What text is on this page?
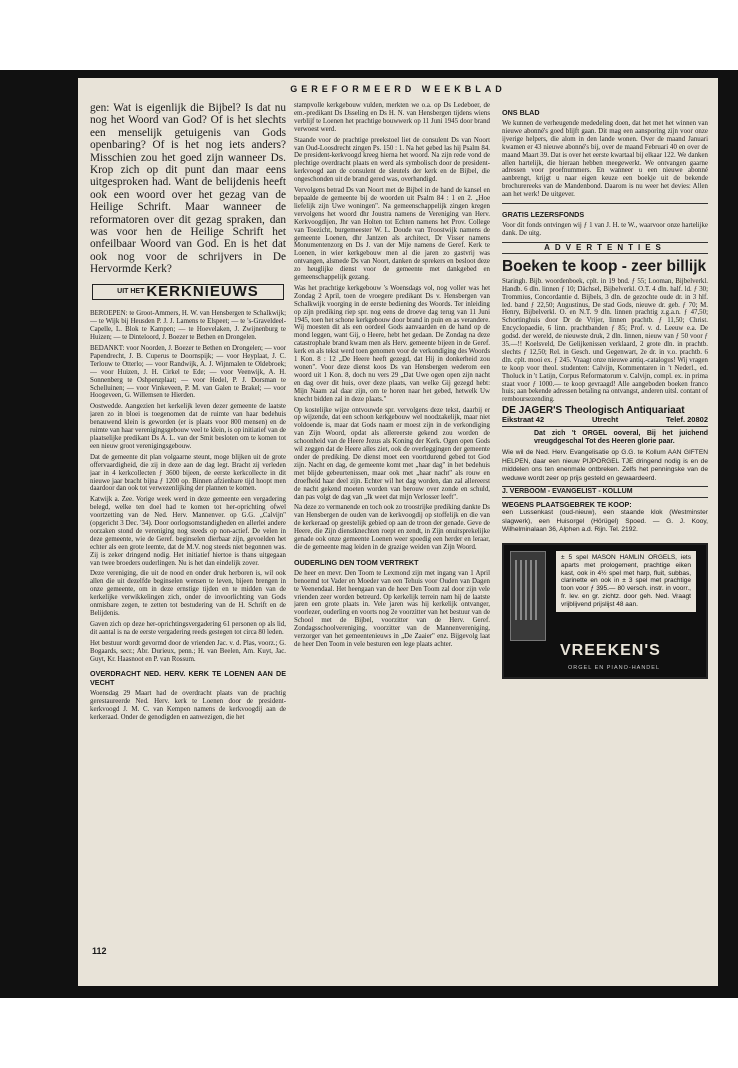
GEREFORMEERD WEEKBLAD

gen: Wat is eigenlijk die Bijbel? Is dat nu nog het Woord van God? Of is het slechts een menselijk getuigenis van Gods openbaring? Of is het nog iets anders? Misschien zou het goed zijn wanneer Ds. Krop zich op dit punt dan maar eens uitgesproken had. Want de belijdenis heeft ook een woord over het gezag van de Heilige Schrift. Maar wanneer de reformatoren over dit gezag spraken, dan was voor hen de Heilige Schrift het onfeilbaar Woord van God. En is het dat ook nog voor de schrijvers in De Hervormde Kerk?

UIT HET KERKNIEUWS

BEROEPEN: te Groot-Ammers, H. W. van Hensbergen te Schalkwijk; — te Wijk bij Heusden P. J. J. Lamens te Elspeet; — te 's-Graveldeel-Capelle, L. Blok te Kampen; — te Hoevelaken, J. Zwijnenburg te Huizen; — te Dinteloord, J. Boezer te Bethen en Drongelen.

BEDANKT: voor Noorden, J. Boezer te Bethen en Drongelen; — voor Papendrecht, J. B. Cuperus te Doornspijk; — voor Heyplaat, J. C. Terlouw te Otterlo; — voor Randwijk, A. J. Wijnmalen te Oldebroek; — voor Huizen, J. H. Cirkel te Ede; — voor Veenwijk, A. H. Sonnenberg te Oshpenzplaat; — voor Hedel, P. J. Dorsman te Schelluinen; — voor Vinkeveen, P. M. van Galen te Brakel; — voor Hoogeveen, G. Willemsen te Hierden.

Oostwedde. Aangezien het kerkelijk leven dezer gemeente de laatste jaren zo in bloei is toegenomen dat de ruimte van haar bedehuis benauwend klein is geworden (er is plaats voor 800 mensen) en de ruimte van haar verenigingsgebouw veel te klein, is op initiatief van de plaatselijke predikant Ds A. L. van der Smit besloten om te komen tot een nieuw groot verenigingsgebouw.

Dat de gemeente dit plan volgaarne steunt, moge blijken uit de grote offervaardigheid, die zij in deze aan de dag legt. Bracht zij verleden jaar in 4 kerkcollecten ƒ 3600 bijeen, de eerste kerkcollecte in dit nieuwe jaar bracht bijna ƒ 1200 op. Binnen afzienbare tijd hoopt men daardoor dan ook tot verwezenlijking der plannen te komen.

Katwijk a. Zee. Vorige week werd in deze gemeente een vergadering belegd, welke ten doel had te komen tot her-oprichting ofwel voortzetting van de Ned. Herv. Mannenver. op G.G. „Calvijn" (opgericht 3 Dec. '34). Door oorlogsomstandigheden en allerlei andere oorzaken stond de vereniging nog steeds op non-actief. De velen in deze gemeente, wie de Geref. beginselen dierbaar zijn, gevoelden het echter als een grote leemte, dat de M.V. nog steeds niet begonnen was. Zij is zeker dringend nodig. Het initiatief hiertoe is thans uitgegaan van twee broeders ouderlingen. Nu is het dan eindelijk zover.

Deze vereniging, die uit de nood en onder druk herboren is, wil ook allen die uit dezelfde beginselen wensen te leven, bijeen brengen in onze gemeente, om in deze ernstige tijden en te midden van de kerkelijke verwikkelingen zich, onder de invoorlichting van Gods onmisbare zegen, te zetten tot bestudering van de H. Schrift en de Belijdenis.

Gaven zich op deze her-oprichtingsvergadering 61 personen op als lid, dit aantal is na de eerste vergadering reeds gestegen tot circa 80 leden.

Het bestuur wordt gevormd door de vrienden Jac. v. d. Plas, voorz.; G. Bogaards, secr.; Abr. Durieux, penn.; H. van Beelen, Am. Kuyt, Jac. Guyt, Kr. Haasnoot en P. van Rossum.

OVERDRACHT NED. HERV. KERK TE LOENEN AAN DE VECHT

Woensdag 29 Maart had de overdracht plaats van de prachtig gerestaureerde Ned. Herv. kerk te Loenen door de president-kerkvoogd J. M. C. van Kempen namens de kerkvoogdij aan de kerkeraad. Onder de genodigden en aanwezigen, die het

112

stampvolle kerkgebouw vulden, merkten we o.a. op Ds Ledeboer, de em.-predikant Ds IJsseling en Ds H. N. van Hensbergen tijdens wiens verblijf te Loenen het prachtige bouwwerk op 11 Juni 1945 door brand verwoest werd.

Staande voor de prachtige preekstoel liet de consulent Ds van Noort van Oud-Loosdrecht zingen Ps. 150 : 1. Na het gebed las hij Psalm 84. De president-kerkvoogd kreeg hierna het woord. Na zijn rede vond de plechtige overdracht plaats en werd als symbolisch door de president-kerkvoogd aan de consulent de sleutels der kerk en de Bijbel, die ongeschonden uit de brand gered was, overhandigd.

Vervolgens betrad Ds van Noort met de Bijbel in de hand de kansel en bepaalde de gemeente bij de woorden uit Psalm 84 : 1 en 2. „Hoe liefelijk zijn Uwe woningen". Na gemeenschappelijk zingen kregen vervolgens het woord dhr Joustra namens de Vereniging van Herv. Kerkvoogdijen, Jhr van Holten tot Echten namens het Prov. College van Toezicht, burgemeester W. L. Doude van Troostwijk namens de gemeente Loenen, dhr Jantzen als architect, Dr Visser namens Monumentenzorg en Ds J. van der Mije namens de Geref. Kerk te Loenen, in wier kerkgebouw men al die jaren zo gastvrij was ontvangen, alsmede Ds van Noort, danken de sprekers en besloot deze zo heuglijke dienst voor de gemeente met dankgebed en gemeenschappelijk gezang.

Was het prachtige kerkgebouw 's Woensdags vol, nog voller was het Zondag 2 April, toen de vroegere predikant Ds v. Hensbergen van Schalkwijk voorging in de eerste bediening des Woords. Ter inleiding op zijn prediking riep spr. nog eens de droeve dag terug van 11 Juni 1945, toen het schone kerkgebouw door brand in puin en as verandere. Wij moesten dit als een oordeel Gods aanvaarden en de hand op de mond leggen, want Gij, o Heere, hebt het gedaan. De Zondag na deze catastrophale brand kwam men als Herv. gemeente bijeen in de Geref. kerk en als tekst werd toen genomen voor de verkondiging des Woords 1 Kon. 8 : 12 „De Heere heeft gezegd, dat Hij in donkerheid zou wonen". Voor deze dienst koos Ds van Hensbergen wederom een woord uit 1 Kon. 8, doch nu vers 29 „Dat Uwe ogen open zijn nacht en dag over dit huis, over deze plaats, van welke Gij gezegd hebt: Mijn Naam zal daar zijn, om te horen naar het gebed, hetwelk Uw knecht bidden zal in deze plaats."

Op kostelijke wijze ontvouwde spr. vervolgens deze tekst, daarbij er op wijzende, dat een schoon kerkgebouw wel noodzakelijk, maar niet voldoende is, maar dat Gods naam er moest zijn in de verkondiging van Zijn Woord, opdat als allereerste gekend zou worden de schoonheid van de Heere Jezus als Koning der Kerk. Ogen open Gods wil zeggen dat de Heere alles ziet, ook de overleggingen der gemeente onder de prediking. De dienst moet een voortdurend gebed tot God zijn. Nacht en dag, de gemeente komt met „haar dag" in het bedehuis met blijde gebeurtenissen, maar ook met „haar nacht" als rouw en droefheid haar deel zijn. Echter wil het dag worden, dan zal allereerst de nacht gekend moeten worden van berouw over zonde en schuld, dan pas volgt de dag van „Ik weet dat mijn Verlosser leeft".

Na deze zo vermanende en toch ook zo troostrijke prediking dankte Ds van Hensbergen de ouden van de kerkvoogdij op stoffelijk en die van de kerkeraad op geestelijk gebied op aan de troon der genade. Geve de Heere, die Zijn dienstknechten roept en zendt, in Zijn onuitsprekelijke genade ook onze gemeente Loenen weer spoedig een herder en leraar, die de gemeente mag leiden in de grazige weiden van Zijn Woord.

OUDERLING DEN TOOM VERTREKT

De heer en mevr. Den Toom te Lexmond zijn met ingang van 1 April benoemd tot Vader en Moeder van een Tehuis voor Ouden van Dagen te Veenendaal. Het heengaan van de heer Den Toom zal door zijn vele vrienden zeer worden betreurd. Op kerkelijk terrein nam hij de laatste jaren een grote plaats in. Vele jaren was hij kerkelijk ontvanger, voorlezer, ouderling en voorts nog 2e voorzitter van het bestuur van de School met de Bijbel, voorzitter van de Herv. Geref. Zondagsschoolvereniging, voorzitter van de Mannenvereniging, verzorger van het gemeentenieuws in „De Zaaier" enz. Bijgevolg laat de heer Den Toom in vele besturen een lege plaats achter.

ONS BLAD

We kunnen de verheugende mededeling doen, dat het met het winnen van nieuwe abonné's goed blijft gaan. Dit mag een aansporing zijn voor onze ijverige helpers, die alom in den lande wonen. Over de maand Januari kwamen er 43 nieuwe abonné's bij, over de maand Februari 40 en over de maand Maart 39. Dat is over het eerste kwartaal bij elkaar 122. We danken allen hartelijk, die hieraan hebben meegewerkt. We ontvangen gaarne adressen voor proefnummers. En wanneer u een nieuwe abonné aanbrengt, krijgt u naar eigen keuze een boekje uit de bekende brochurereeks van de Mandenbond. Daarom is nu weer het devies: Allen aan het werk! De uitgever.

GRATIS LEZERSFONDS

Voor dit fonds ontvingen wij ƒ 1 van J. H. te W., waarvoor onze hartelijke dank. De uitg.

ADVERTENTIES
Boeken te koop - zeer billijk

Staringh. Bijb. woordenboek, cplt. in 19 bnd. ƒ 55; Looman, Bijbelverkl. Handb. 6 dln. linnen ƒ 10; Dächsel, Bijbelverkl. O.T. 4 dln. half. ld. ƒ 30; Trommius, Concordantie d. Bijbels, 3 dln. de gezochte oude dr. in 3 hlf. led. band ƒ 22,50; Augustinus, De stad Gods, nieuwe dr. geb. ƒ 70; M. Henry, Bijbelverkl. O. en N.T. 9 dln. linnen prachtig z.g.a.n. ƒ 47,50; Schortinghuis door Dr de Vrijer, linnen prachtb. ƒ 11,50; Christ. Encyclopaedie, 6 linn. prachtbanden ƒ 85; Prof. v. d. Leeuw e.a. De godsd. der wereld, de nieuwste druk, 2 dln. linnen, nieuw van ƒ 50 voor ƒ 35.—!! Koelsveld, De Gelijkenissen verklaard, 2 grote dln. in prachtb. slechts ƒ 12,50; Rel. in Gesch. und Gegenwart, 2e dr. in v.o. prachtb. 6 dln. cplt. mooi ex. ƒ 245. Vraagt onze nieuwe antiq.-catalogus! Wij vragen te koop voor theol. studenten: Calvijn, Kommentaren in 't Nederl., ed. Tholuck in 't Latijn, Corpus Reformatorum v. Calvijn, compl. ex. in prima staat voor ƒ 1000.— te koop gevraagd! Alle aangeboden boeken franco huis; aan bekende adressen betaling na ontvangst, anderen uitsl. contant of remboursezending.

DE JAGER'S Theologisch Antiquariaat
Eikstraat 42	Utrecht	Telef. 20802
Dat zich 't ORGEL ooveral, Bij het juichend vreugdgeschal Tot des Heeren glorie paar.
Wie wil de Ned. Herv. Evangelisatie op G.G. te Kollum AAN GIFTEN HELPEN, daar een nieuw PIJPORGEL TJE dringend nodig is en de middelen ons ten enenmale ontbreken. Zelfs het penningske van de weduwe wordt zeer op prijs gesteld en gewaardeerd.
J. VERBOOM - EVANGELIST - KOLLUM
WEGENS PLAATSGEBREK TE KOOP:
een Lussenkast (oud-nieuw), een staande klok (Westminster slagwerk), een Huisorgel (Hörügel) Spoed. — G. J. Kooy, Wilhelminalaan 36, Alphen a.d. Rijn. Tel. 2192.
± 5 spel MASON HAMLIN ORGELS, iets aparts met prologement, prachtige eiken kast, ook in 4½ spel met harp, fluit, subbas, clarinette en ook in ± 3 spel met prachtige toon voor ƒ 395.— 80 versch. instr. in voorr., fr. lev. en gr. zichtz. door geh. Ned. Vraagt vrijblijvend prijslijst 48 aan.
VREEKEN'S
ORGEL EN PIANO-HANDEL
